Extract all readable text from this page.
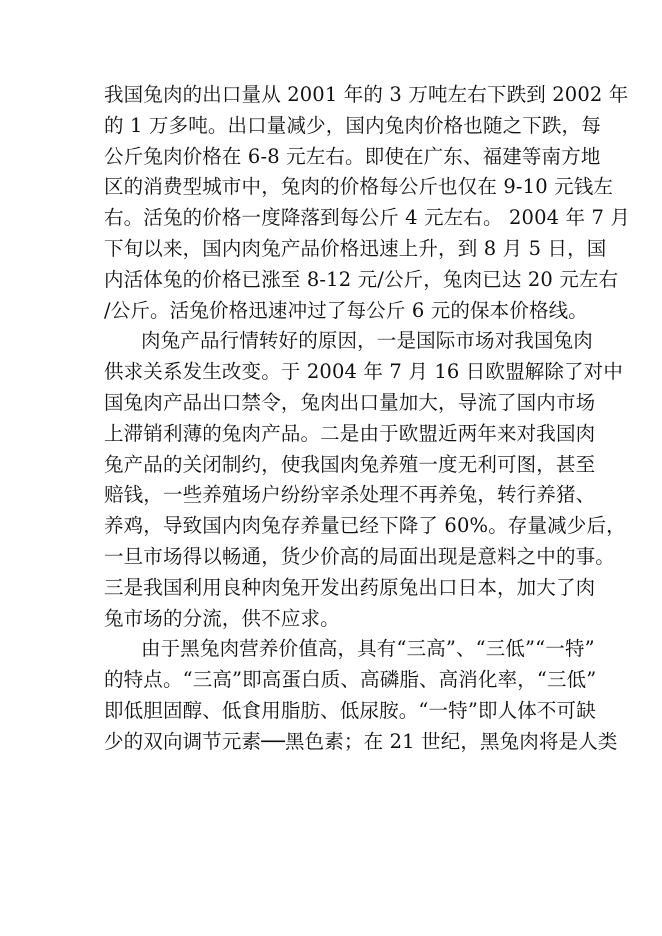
我国兔肉的出口量从 2001 年的 3 万吨左右下跌到 2002 年
的 1 万多吨。出口量减少，国内兔肉价格也随之下跌，每
公斤兔肉价格在 6-8 元左右。即使在广东、福建等南方地
区的消费型城市中，兔肉的价格每公斤也仅在 9-10 元钱左
右。活兔的价格一度降落到每公斤 4 元左右。 2004 年 7 月
下旬以来，国内肉兔产品价格迅速上升，到 8 月 5 日，国
内活体兔的价格已涨至 8-12 元/公斤，兔肉已达 20 元左右
/公斤。活兔价格迅速冲过了每公斤 6 元的保本价格线。
肉兔产品行情转好的原因，一是国际市场对我国兔肉
供求关系发生改变。于 2004 年 7 月 16 日欧盟解除了对中
国兔肉产品出口禁令，兔肉出口量加大，导流了国内市场
上滞销利薄的兔肉产品。二是由于欧盟近两年来对我国肉
兔产品的关闭制约，使我国肉兔养殖一度无利可图，甚至
赔钱，一些养殖场户纷纷宰杀处理不再养兔，转行养猪、
养鸡，导致国内肉兔存养量已经下降了 60%。存量减少后，
一旦市场得以畅通，货少价高的局面出现是意料之中的事。
三是我国利用良种肉兔开发出药原兔出口日本，加大了肉
兔市场的分流，供不应求。
由于黑兔肉营养价值高，具有“三高”、“三低”“一特”
的特点。“三高”即高蛋白质、高磷脂、高消化率，“三低”
即低胆固醇、低食用脂肪、低尿胺。“一特”即人体不可缺
少的双向调节元素──黑色素；在 21 世纪，黑兔肉将是人类
